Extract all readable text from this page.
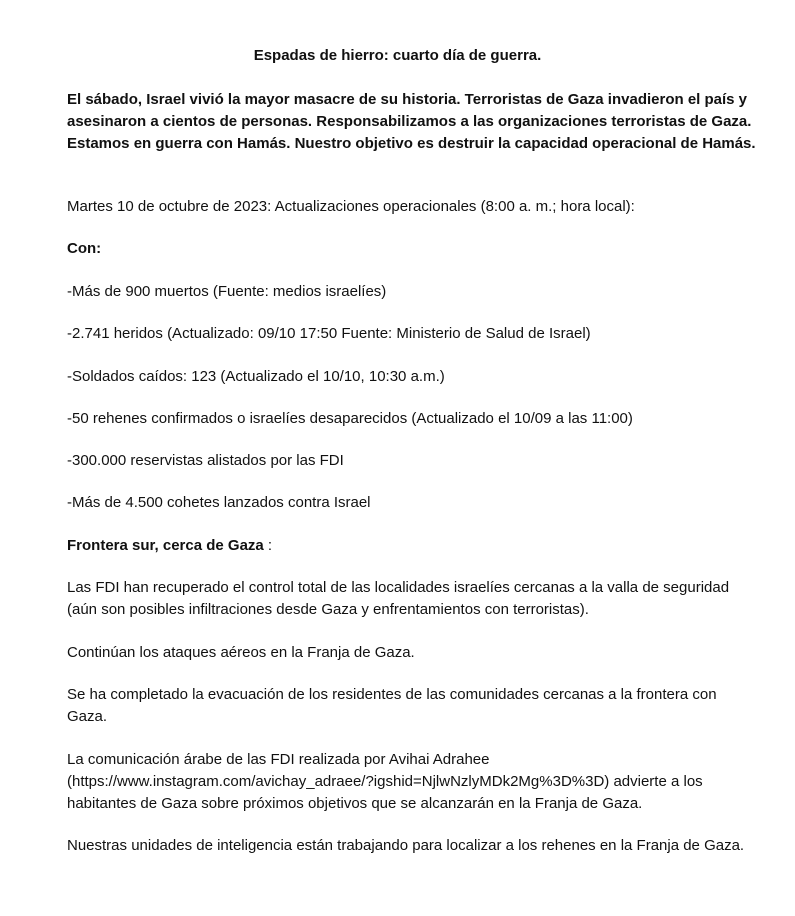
Espadas de hierro: cuarto día de guerra.

El sábado, Israel vivió la mayor masacre de su historia. Terroristas de Gaza invadieron el país y asesinaron a cientos de personas. Responsabilizamos a las organizaciones terroristas de Gaza. Estamos en guerra con Hamás. Nuestro objetivo es destruir la capacidad operacional de Hamás.

Martes 10 de octubre de 2023: Actualizaciones operacionales (8:00 a. m.; hora local):

Con:

-Más de 900 muertos (Fuente: medios israelíes)

-2.741 heridos (Actualizado: 09/10 17:50 Fuente: Ministerio de Salud de Israel)

-Soldados caídos: 123 (Actualizado el 10/10, 10:30 a.m.)

-50 rehenes confirmados o israelíes desaparecidos (Actualizado el 10/09 a las 11:00)

-300.000 reservistas alistados por las FDI

-Más de 4.500 cohetes lanzados contra Israel

Frontera sur, cerca de Gaza :

Las FDI han recuperado el control total de las localidades israelíes cercanas a la valla de seguridad (aún son posibles infiltraciones desde Gaza y enfrentamientos con terroristas).

Continúan los ataques aéreos en la Franja de Gaza.

Se ha completado la evacuación de los residentes de las comunidades cercanas a la frontera con Gaza.

La comunicación árabe de las FDI realizada por Avihai Adrahee (https://www.instagram.com/avichay_adraee/?igshid=NjlwNzlyMDk2Mg%3D%3D) advierte a los habitantes de Gaza sobre próximos objetivos que se alcanzarán en la Franja de Gaza.

Nuestras unidades de inteligencia están trabajando para localizar a los rehenes en la Franja de Gaza.
